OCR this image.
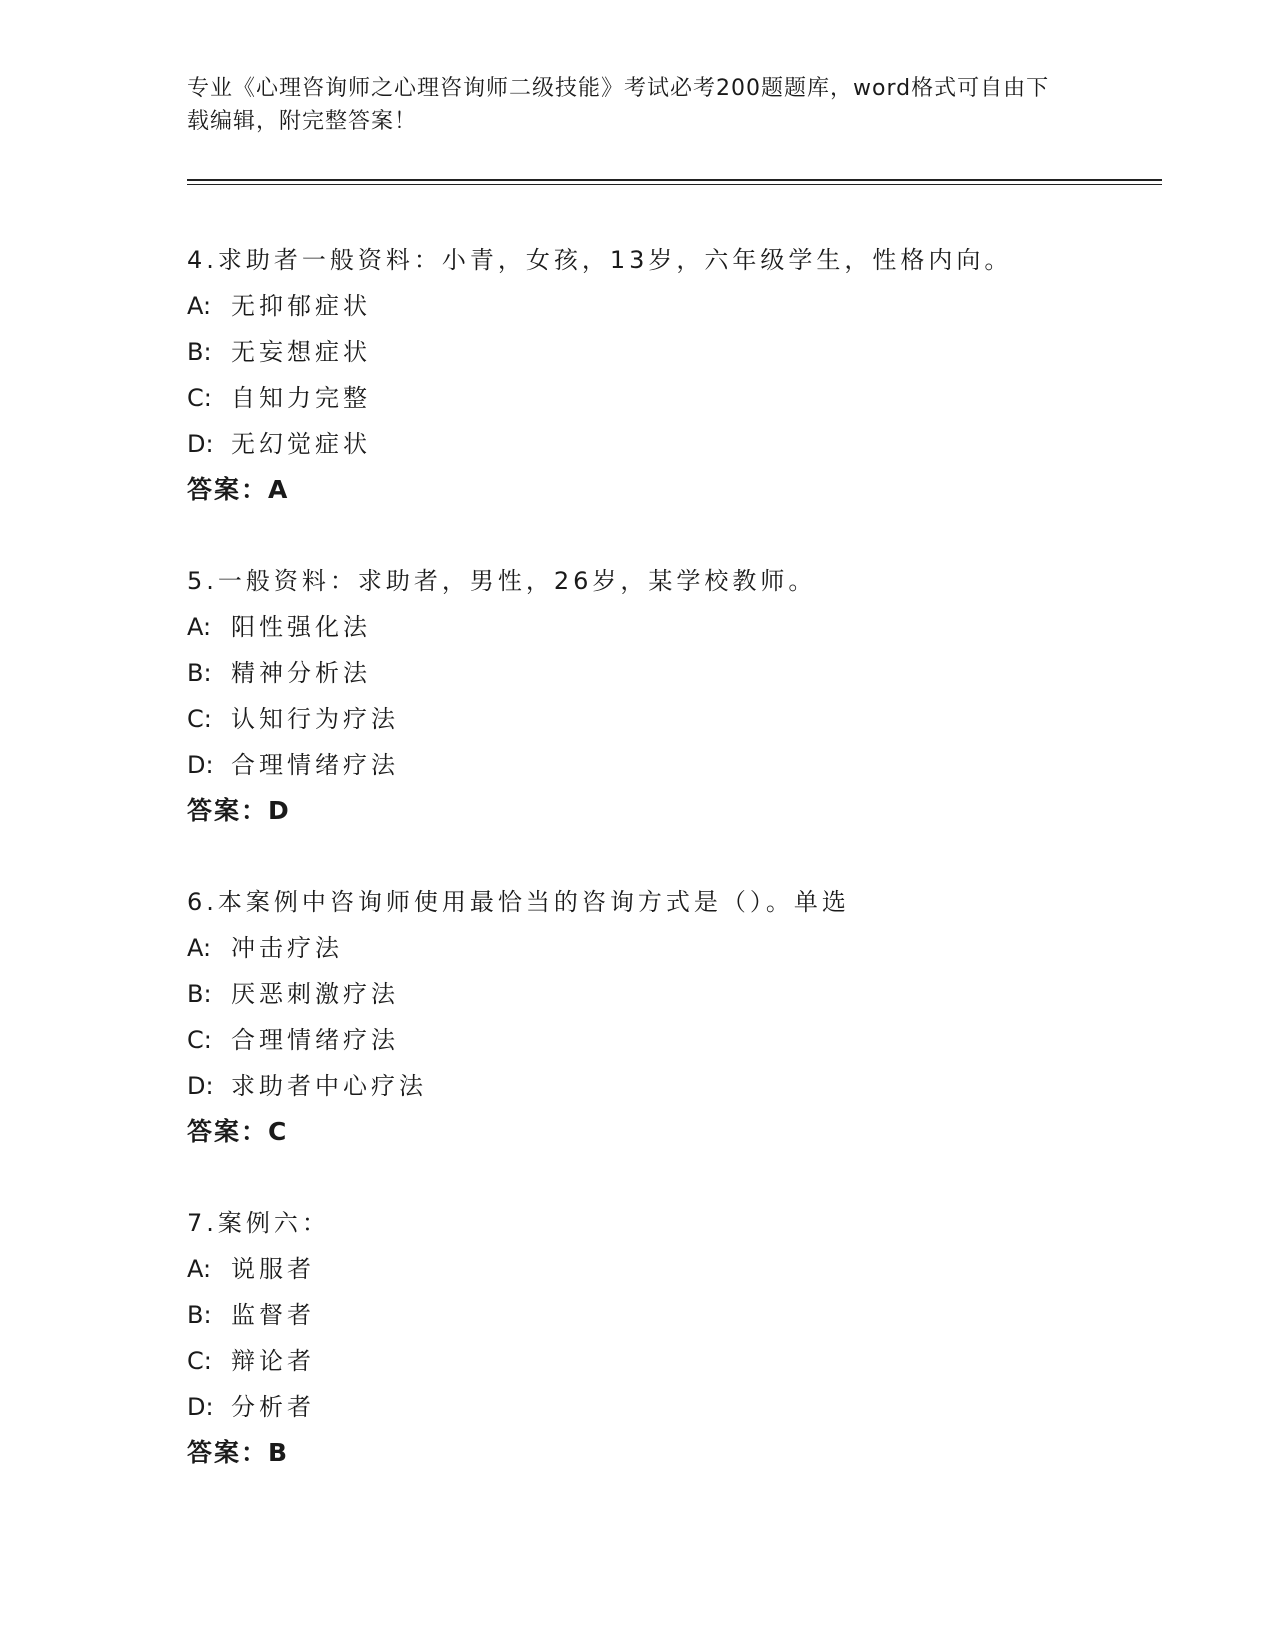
专业《心理咨询师之心理咨询师二级技能》考试必考200题题库，word格式可自由下载编辑，附完整答案！
4.求助者一般资料：小青，女孩，13岁，六年级学生，性格内向。
A: 无抑郁症状
B: 无妄想症状
C: 自知力完整
D: 无幻觉症状
答案：A
5.一般资料：求助者，男性，26岁，某学校教师。
A: 阳性强化法
B: 精神分析法
C: 认知行为疗法
D: 合理情绪疗法
答案：D
6.本案例中咨询师使用最恰当的咨询方式是（）。单选
A: 冲击疗法
B: 厌恶刺激疗法
C: 合理情绪疗法
D: 求助者中心疗法
答案：C
7.案例六：
A: 说服者
B: 监督者
C: 辩论者
D: 分析者
答案：B
